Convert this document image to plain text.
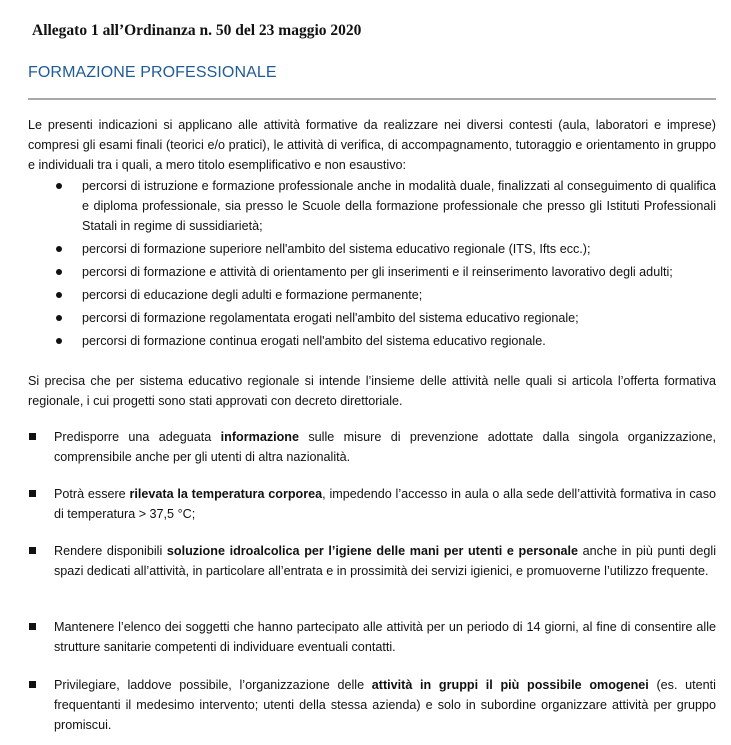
Allegato 1 all’Ordinanza n. 50 del 23 maggio 2020
FORMAZIONE PROFESSIONALE
Le presenti indicazioni si applicano alle attività formative da realizzare nei diversi contesti (aula, laboratori e imprese) compresi gli esami finali (teorici e/o pratici), le attività di verifica, di accompagnamento, tutoraggio e orientamento in gruppo e individuali tra i quali, a mero titolo esemplificativo e non esaustivo:
percorsi di istruzione e formazione professionale anche in modalità duale, finalizzati al conseguimento di qualifica e diploma professionale, sia presso le Scuole della formazione professionale che presso gli Istituti Professionali Statali in regime di sussidiarietà;
percorsi di formazione superiore nell'ambito del sistema educativo regionale (ITS, Ifts ecc.);
percorsi di formazione e attività di orientamento per gli inserimenti e il reinserimento lavorativo degli adulti;
percorsi di educazione degli adulti e formazione permanente;
percorsi di formazione regolamentata erogati nell'ambito del sistema educativo regionale;
percorsi di formazione continua erogati nell'ambito del sistema educativo regionale.
Si precisa che per sistema educativo regionale si intende l’insieme delle attività nelle quali si articola l’offerta formativa regionale, i cui progetti sono stati approvati con decreto direttoriale.
Predisporre una adeguata informazione sulle misure di prevenzione adottate dalla singola organizzazione, comprensibile anche per gli utenti di altra nazionalità.
Potrà essere rilevata la temperatura corporea, impedendo l’accesso in aula o alla sede dell’attività formativa in caso di temperatura > 37,5 °C;
Rendere disponibili soluzione idroalcolica per l’igiene delle mani per utenti e personale anche in più punti degli spazi dedicati all’attività, in particolare all’entrata e in prossimità dei servizi igienici, e promuoverne l’utilizzo frequente.
Mantenere l’elenco dei soggetti che hanno partecipato alle attività per un periodo di 14 giorni, al fine di consentire alle strutture sanitarie competenti di individuare eventuali contatti.
Privilegiare, laddove possibile, l’organizzazione delle attività in gruppi il più possibile omogenei (es. utenti frequentanti il medesimo intervento; utenti della stessa azienda) e solo in subordine organizzare attività per gruppo promiscui.
